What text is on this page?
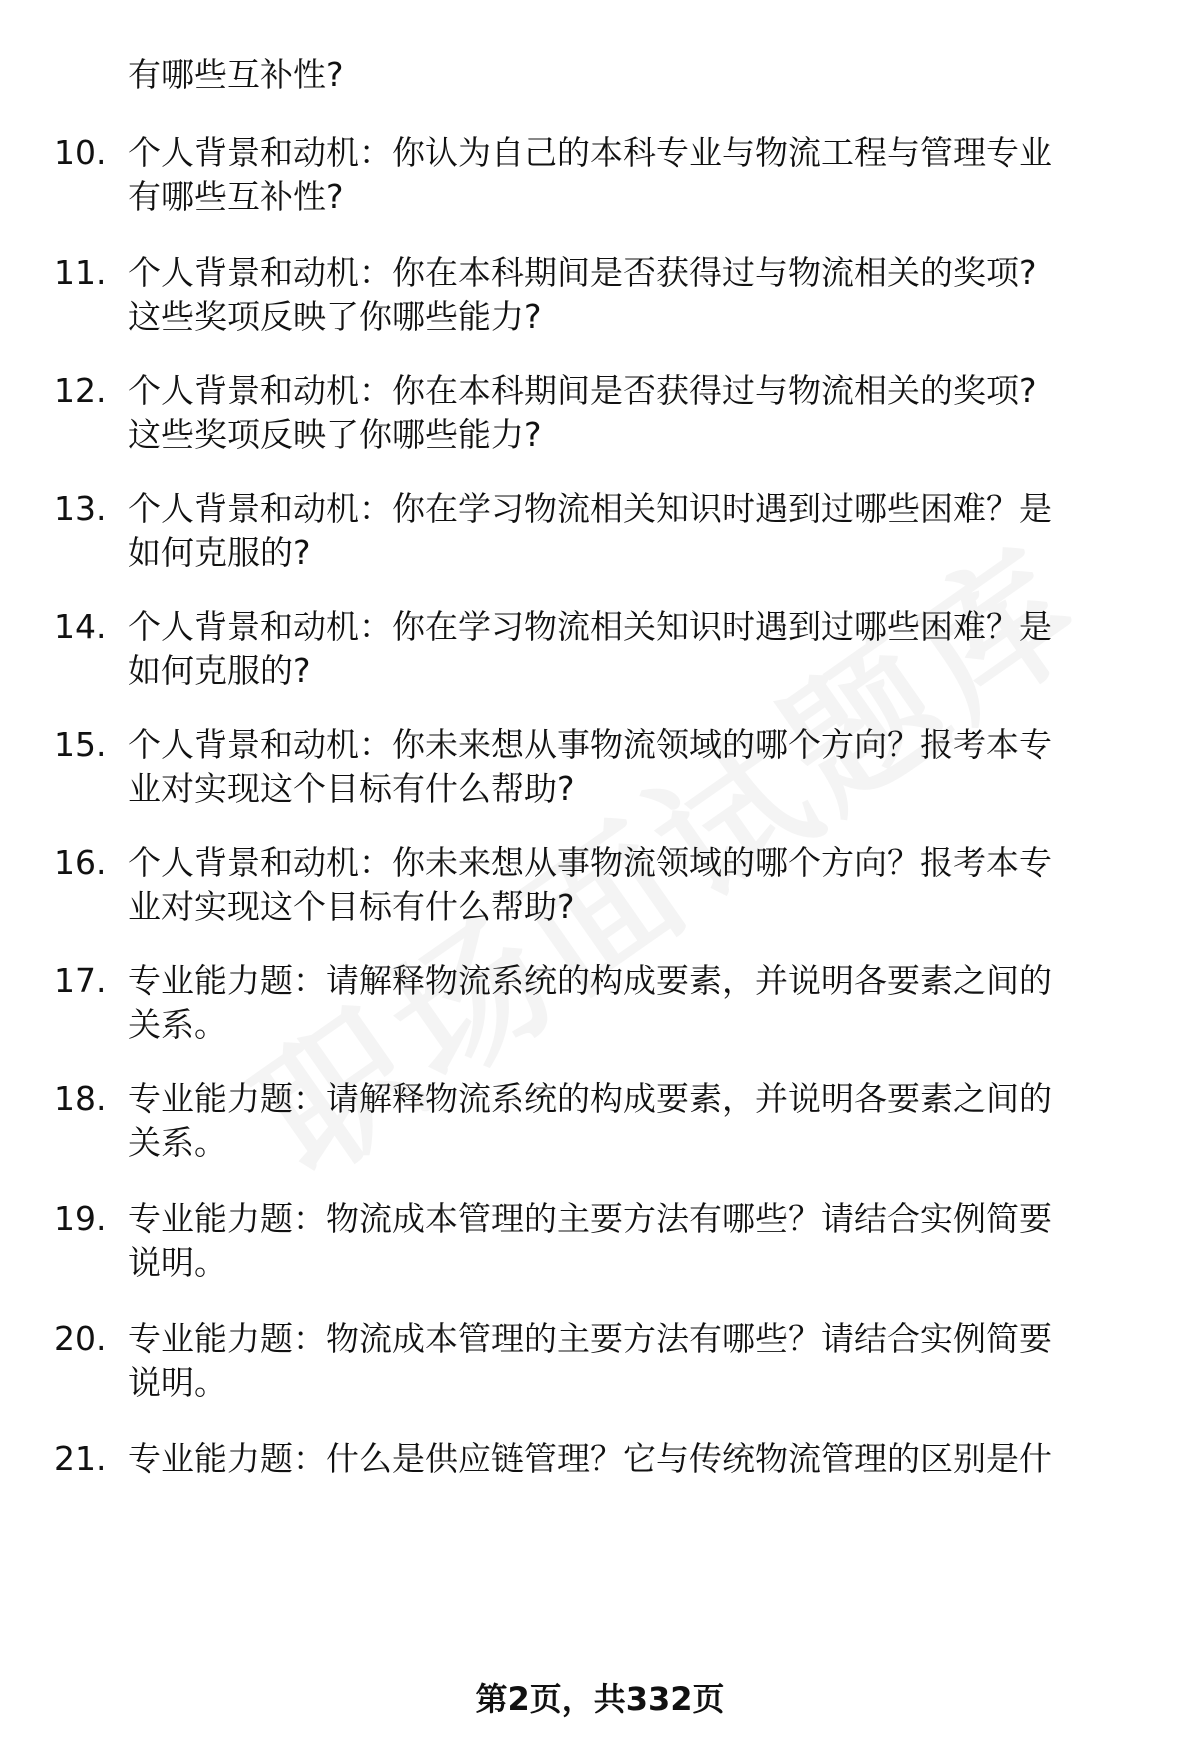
有哪些互补性?
10. 个人背景和动机：你认为自己的本科专业与物流工程与管理专业
有哪些互补性?
11. 个人背景和动机：你在本科期间是否获得过与物流相关的奖项?
这些奖项反映了你哪些能力?
12. 个人背景和动机：你在本科期间是否获得过与物流相关的奖项?
这些奖项反映了你哪些能力?
13. 个人背景和动机：你在学习物流相关知识时遇到过哪些困难？是
如何克服的?
14. 个人背景和动机：你在学习物流相关知识时遇到过哪些困难？是
如何克服的?
15. 个人背景和动机：你未来想从事物流领域的哪个方向？报考本专
业对实现这个目标有什么帮助?
16. 个人背景和动机：你未来想从事物流领域的哪个方向？报考本专
业对实现这个目标有什么帮助?
17. 专业能力题：请解释物流系统的构成要素，并说明各要素之间的
关系。
18. 专业能力题：请解释物流系统的构成要素，并说明各要素之间的
关系。
19. 专业能力题：物流成本管理的主要方法有哪些？请结合实例简要
说明。
20. 专业能力题：物流成本管理的主要方法有哪些？请结合实例简要
说明。
21. 专业能力题：什么是供应链管理？它与传统物流管理的区别是什
第2页，共332页
